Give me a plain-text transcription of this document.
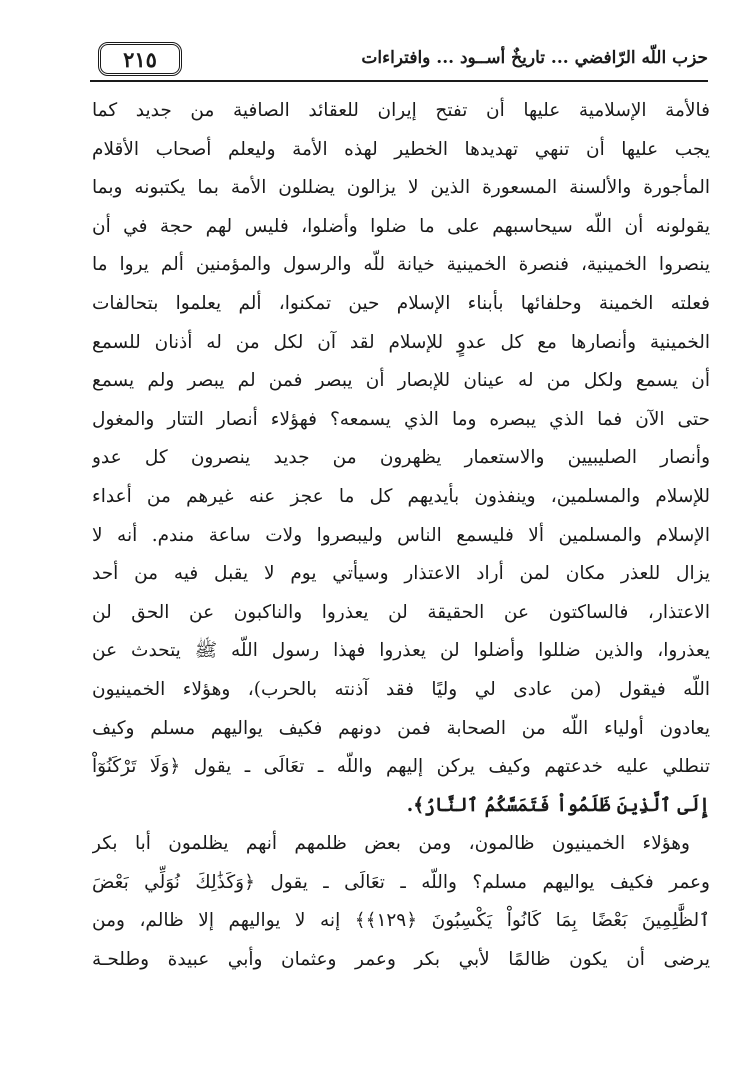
٢١٥	حزب اللّه الرّافضي ... تاريخٌ أســود ... وافتراءات
فالأمة الإسلامية عليها أن تفتح إيران للعقائد الصافية من جديد كما
يجب عليها أن تنهي تهديدها الخطير لهذه الأمة وليعلم أصحاب الأقلام
المأجورة والألسنة المسعورة الذين لا يزالون يضللون الأمة بما يكتبونه وبما
يقولونه أن اللّه سيحاسبهم على ما ضلوا وأضلوا، فليس لهم حجة في أن
ينصروا الخمينية، فنصرة الخمينية خيانة للّه والرسول والمؤمنين ألم يروا ما
فعلته الخمينة وحلفائها بأبناء الإسلام حين تمكنوا، ألم يعلموا بتحالفات
الخمينية وأنصارها مع كل عدوٍ للإسلام لقد آن لكل من له أذنان للسمع
أن يسمع ولكل من له عينان للإبصار أن يبصر فمن لم يبصر ولم يسمع
حتى الآن فما الذي يبصره وما الذي يسمعه؟ فهؤلاء أنصار التتار والمغول
وأنصار الصليبيين والاستعمار يظهرون من جديد ينصرون كل عدو
للإسلام والمسلمين، وينفذون بأيديهم كل ما عجز عنه غيرهم من أعداء
الإسلام والمسلمين ألا فليسمع الناس وليبصروا ولات ساعة مندم. أنه لا
يزال للعذر مكان لمن أراد الاعتذار وسيأتي يوم لا يقبل فيه من أحد
الاعتذار، فالساكتون عن الحقيقة لن يعذروا والناكبون عن الحق لن
يعذروا، والذين ضللوا وأضلوا لن يعذروا فهذا رسول اللّه ﷺ يتحدث عن
اللّه فيقول (من عادى لي وليًا فقد آذنته بالحرب)، وهؤلاء الخمينيون
يعادون أولياء اللّه من الصحابة فمن دونهم فكيف يواليهم مسلم وكيف
تنطلي عليه خدعتهم وكيف يركن إليهم واللّه ـ تعَالَى ـ يقول ﴿وَلَا تَرْكَنُوٓاْ
إِلَى ٱلَّذِينَ ظَلَمُواْ فَتَمَسَّكُمُ ٱلنَّارُ﴾.
وهؤلاء الخمينيون ظالمون، ومن بعض ظلمهم أنهم يظلمون أبا بكر
وعمر فكيف يواليهم مسلم؟ واللّه ـ تعَالَى ـ يقول ﴿وَكَذَٰلِكَ نُوَلِّي بَعْضَ
ٱلظَّٰلِمِينَ بَعْضًا بِمَا كَانُواْ يَكْسِبُونَ ﴿١٢٩﴾﴾ إنه لا يواليهم إلا ظالم، ومن
يرضى أن يكون ظالمًا لأبي بكر وعمر وعثمان وأبي عبيدة وطلحـة
